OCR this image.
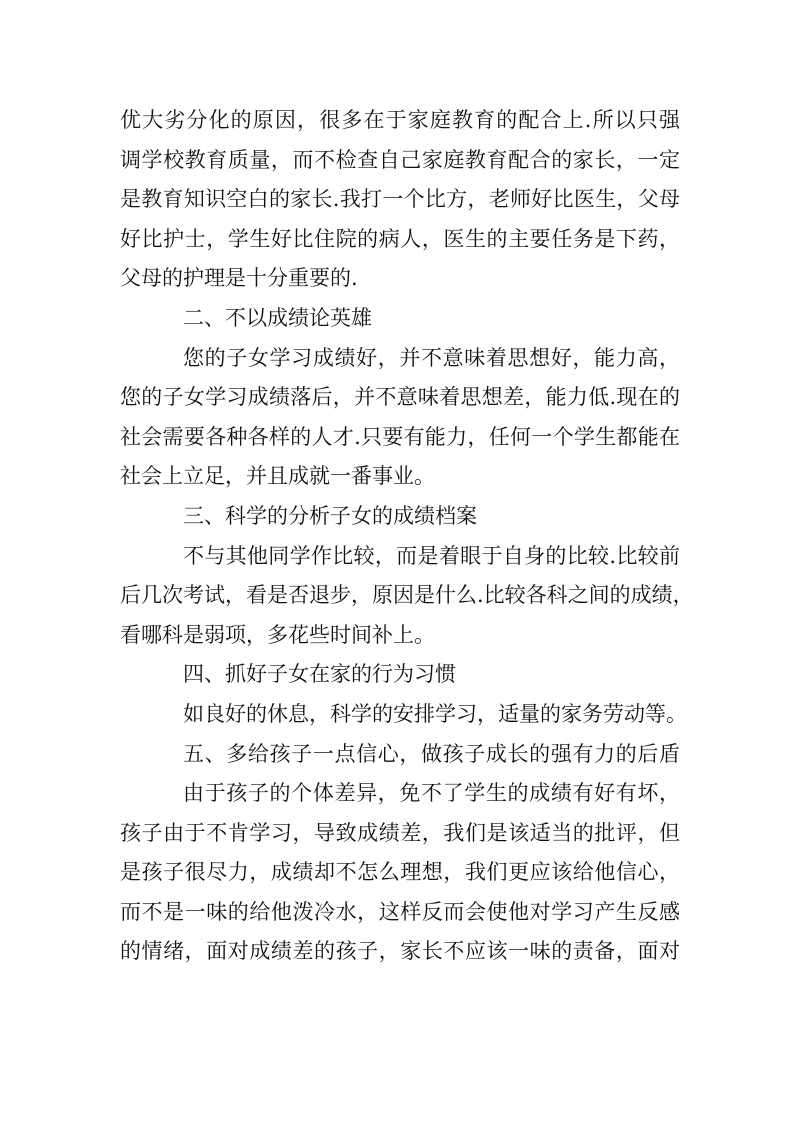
优大劣分化的原因，很多在于家庭教育的配合上.所以只强
调学校教育质量，而不检查自己家庭教育配合的家长，一定
是教育知识空白的家长.我打一个比方，老师好比医生，父母
好比护士，学生好比住院的病人，医生的主要任务是下药，
父母的护理是十分重要的.
二、不以成绩论英雄
您的子女学习成绩好，并不意味着思想好，能力高，
您的子女学习成绩落后，并不意味着思想差，能力低.现在的
社会需要各种各样的人才.只要有能力，任何一个学生都能在
社会上立足，并且成就一番事业。
三、科学的分析子女的成绩档案
不与其他同学作比较，而是着眼于自身的比较.比较前
后几次考试，看是否退步，原因是什么.比较各科之间的成绩，
看哪科是弱项，多花些时间补上。
四、抓好子女在家的行为习惯
如良好的休息，科学的安排学习，适量的家务劳动等。
五、多给孩子一点信心，做孩子成长的强有力的后盾
由于孩子的个体差异，免不了学生的成绩有好有坏，
孩子由于不肯学习，导致成绩差，我们是该适当的批评，但
是孩子很尽力，成绩却不怎么理想，我们更应该给他信心，
而不是一味的给他泼冷水，这样反而会使他对学习产生反感
的情绪，面对成绩差的孩子，家长不应该一味的责备，面对
